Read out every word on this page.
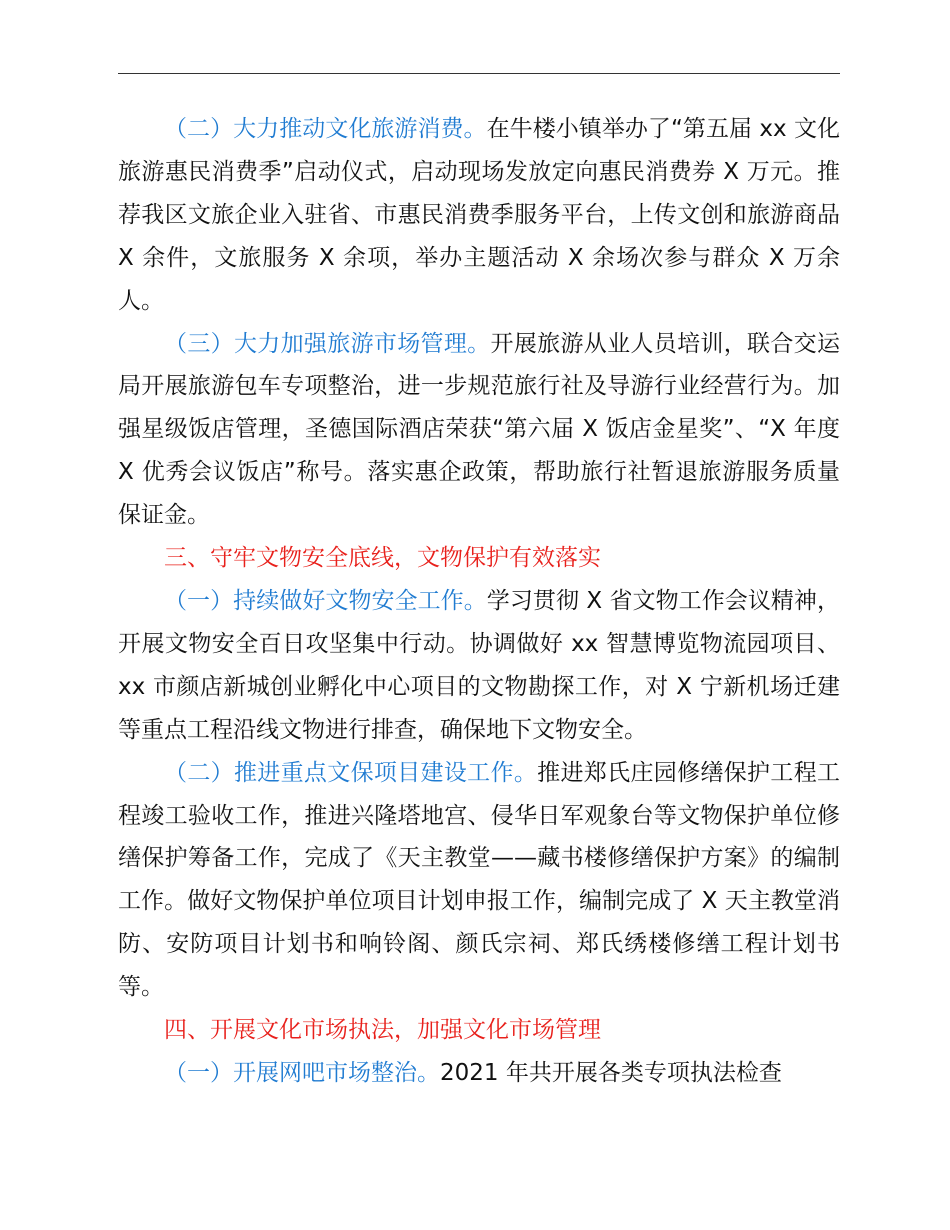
（二）大力推动文化旅游消费。在牛楼小镇举办了“第五届 xx 文化旅游惠民消费季”启动仪式，启动现场发放定向惠民消费券 X 万元。推荐我区文旅企业入驻省、市惠民消费季服务平台，上传文创和旅游商品 X 余件，文旅服务 X 余项，举办主题活动 X 余场次参与群众 X 万余人。

（三）大力加强旅游市场管理。开展旅游从业人员培训，联合交运局开展旅游包车专项整治，进一步规范旅行社及导游行业经营行为。加强星级饭店管理，圣德国际酒店荣获“第六届 X 饭店金星奖”、“X 年度 X 优秀会议饭店”称号。落实惠企政策，帮助旅行社暂退旅游服务质量保证金。

三、守牢文物安全底线，文物保护有效落实

（一）持续做好文物安全工作。学习贯彻 X 省文物工作会议精神，开展文物安全百日攻坚集中行动。协调做好 xx 智慧博览物流园项目、xx 市颜店新城创业孵化中心项目的文物勘探工作，对 X 宁新机场迁建等重点工程沿线文物进行排查，确保地下文物安全。

（二）推进重点文保项目建设工作。推进郑氏庄园修缮保护工程工程竣工验收工作，推进兴隆塔地宫、侵华日军观象台等文物保护单位修缮保护筹备工作，完成了《天主教堂——藏书楼修缮保护方案》的编制工作。做好文物保护单位项目计划申报工作，编制完成了 X 天主教堂消防、安防项目计划书和响铃阁、颜氏宗祠、郑氏绣楼修缮工程计划书等。

四、开展文化市场执法，加强文化市场管理

（一）开展网吧市场整治。2021 年共开展各类专项执法检查
